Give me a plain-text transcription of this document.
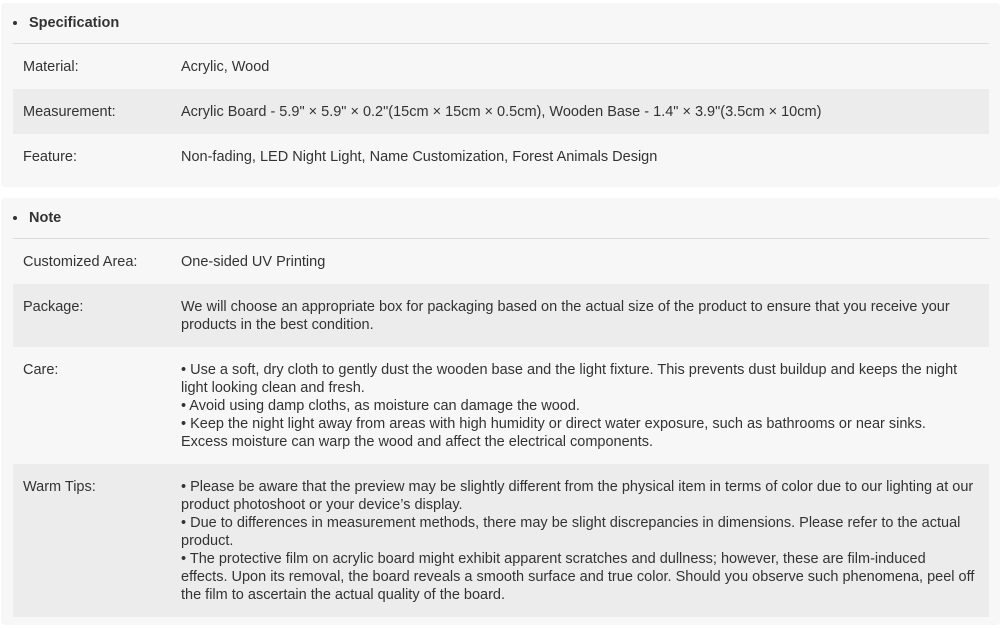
Specification
Material:	Acrylic, Wood
Measurement:	Acrylic Board - 5.9" × 5.9" × 0.2"(15cm × 15cm × 0.5cm), Wooden Base - 1.4" × 3.9"(3.5cm × 10cm)
Feature:	Non-fading, LED Night Light, Name Customization, Forest Animals Design
Note
Customized Area:	One-sided UV Printing
Package:	We will choose an appropriate box for packaging based on the actual size of the product to ensure that you receive your products in the best condition.
Care:	• Use a soft, dry cloth to gently dust the wooden base and the light fixture. This prevents dust buildup and keeps the night light looking clean and fresh.
• Avoid using damp cloths, as moisture can damage the wood.
• Keep the night light away from areas with high humidity or direct water exposure, such as bathrooms or near sinks. Excess moisture can warp the wood and affect the electrical components.
Warm Tips:	• Please be aware that the preview may be slightly different from the physical item in terms of color due to our lighting at our product photoshoot or your device’s display.
• Due to differences in measurement methods, there may be slight discrepancies in dimensions. Please refer to the actual product.
• The protective film on acrylic board might exhibit apparent scratches and dullness; however, these are film-induced effects. Upon its removal, the board reveals a smooth surface and true color. Should you observe such phenomena, peel off the film to ascertain the actual quality of the board.
